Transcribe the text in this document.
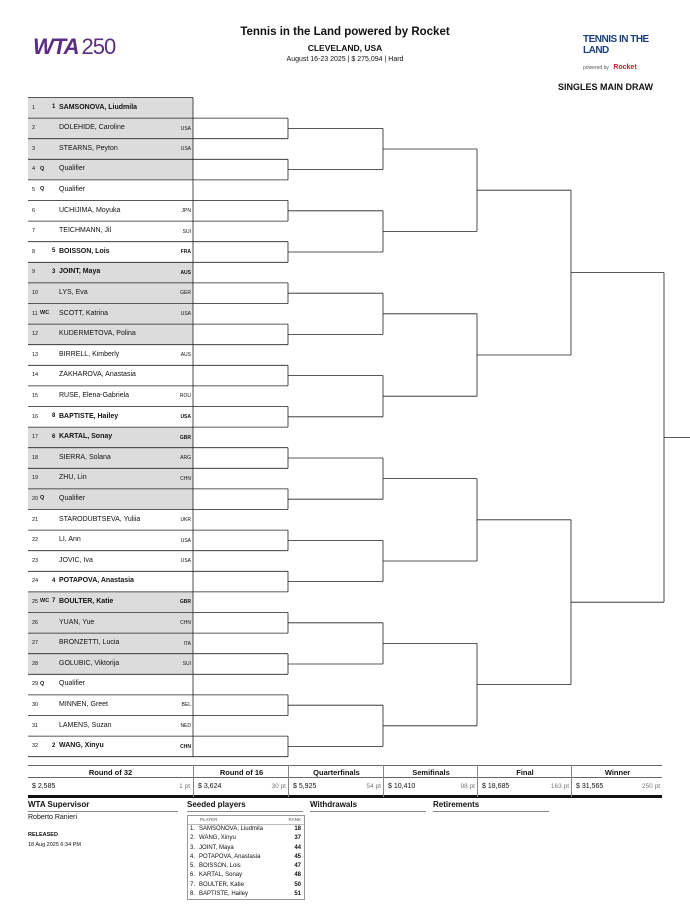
WTA 250
Tennis in the Land powered by Rocket
CLEVELAND, USA
August 16-23 2025 | $ 275,094 | Hard
TENNIS IN THE LAND
powered by Rocket
SINGLES MAIN DRAW
1	1 SAMSONOVA, Liudmila
2	DOLEHIDE, Caroline	USA
3	STEARNS, Peyton	USA
4 Q Qualifier
5 Q Qualifier
6	UCHIJIMA, Moyuka	JPN
7	TEICHMANN, Jil	SUI
8	5 BOISSON, Lois	FRA
9	3 JOINT, Maya	AUS
10	LYS, Eva	GER
11 WC SCOTT, Katrina	USA
12	KUDERMETOVA, Polina
13	BIRRELL, Kimberly	AUS
14	ZAKHAROVA, Anastasia
15	RUSE, Elena-Gabriela	ROU
16 8 BAPTISTE, Hailey	USA
17 6 KARTAL, Sonay	GBR
18	SIERRA, Solana	ARG
19	ZHU, Lin	CHN
20 Q Qualifier
21	STARODUBTSEVA, Yuliia	UKR
22	LI, Ann	USA
23	JOVIC, Iva	USA
24 4 POTAPOVA, Anastasia
25 WC 7 BOULTER, Katie	GBR
26	YUAN, Yue	CHN
27	BRONZETTI, Lucia	ITA
28	GOLUBIC, Viktorija	SUI
29 Q Qualifier
30	MINNEN, Greet	BEL
31	LAMENS, Suzan	NED
32 2 WANG, Xinyu	CHN
Round of 32
$ 2,585	1 pt
Round of 16
$ 3,624	30 pt
Quarterfinals
$ 5,925	54 pt
Semifinals
$ 10,410	98 pt
Final
$ 18,685	163 pt
Winner
$ 31,565	250 pt
WTA Supervisor
Roberto Ranieri
RELEASED
18 Aug 2025 6:34 PM
Seeded players	Withdrawals	Retirements
PLAYER	RANK
1. SAMSONOVA, Liudmila	18
2. WANG, Xinyu	37
3. JOINT, Maya	44
4. POTAPOVA, Anastasia	45
5. BOISSON, Lois	47
6. KARTAL, Sonay	48
7. BOULTER, Katie	50
8. BAPTISTE, Hailey	51
